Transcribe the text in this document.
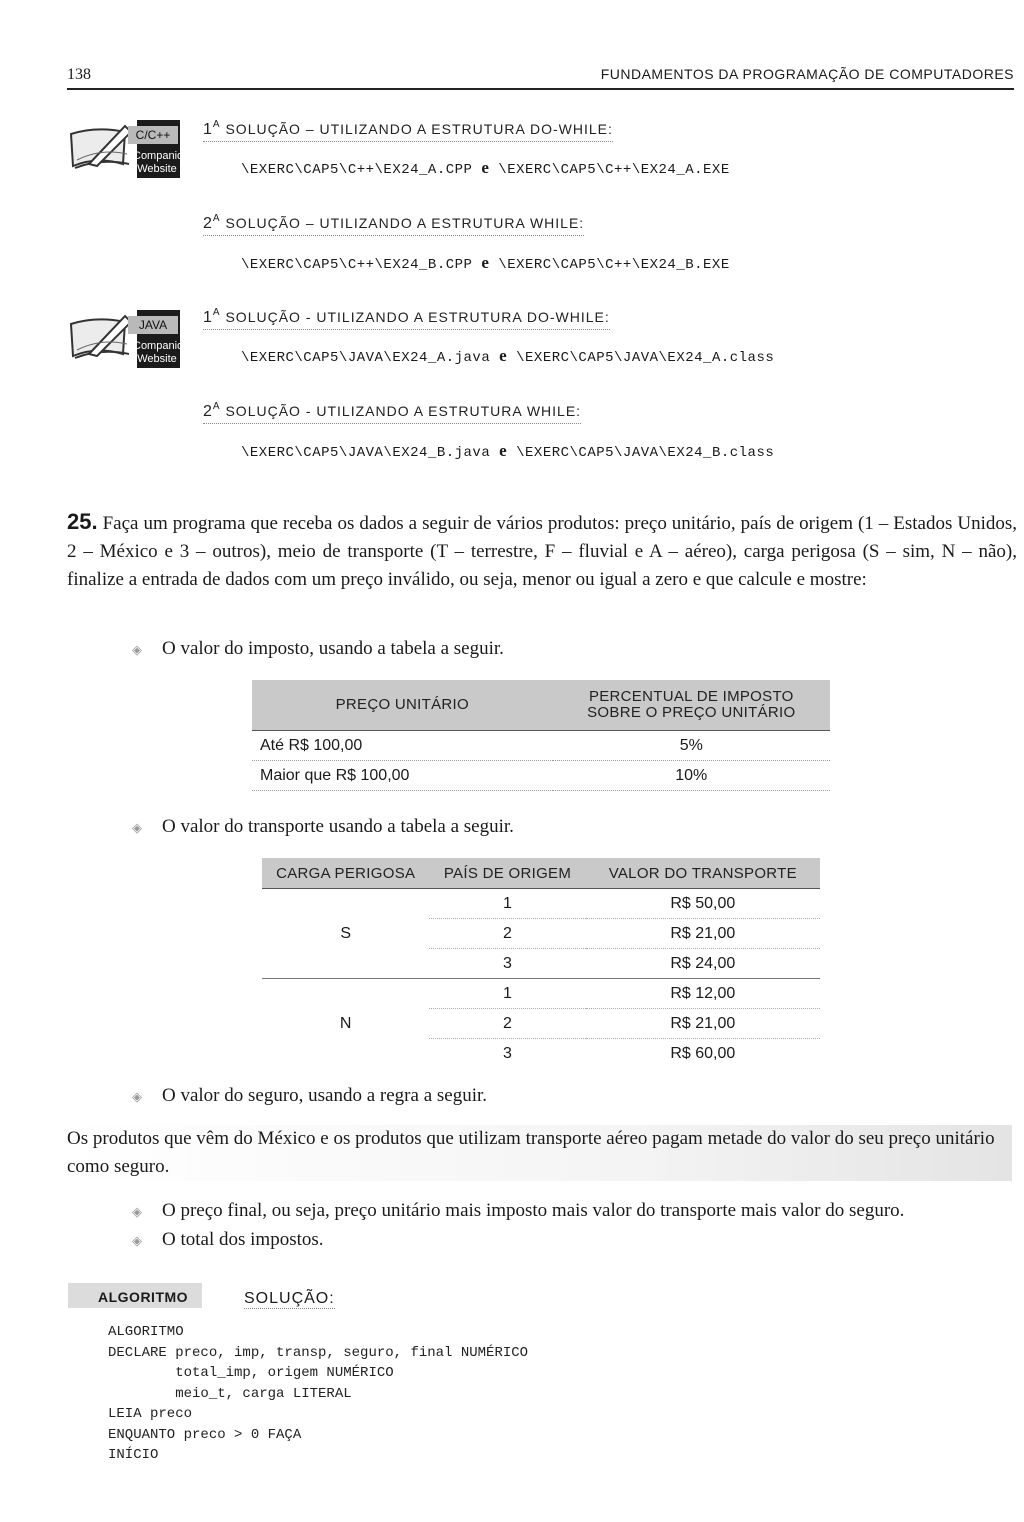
138	FUNDAMENTOS DA PROGRAMAÇÃO DE COMPUTADORES
C/C++
Companion
Website
$1^A$ SOLUÇÃO – UTILIZANDO A ESTRUTURA DO-WHILE:
\EXERC\CAP5\C++\EX24_A.CPP e \EXERC\CAP5\C++\EX24_A.EXE
$2^A$ SOLUÇÃO – UTILIZANDO A ESTRUTURA WHILE:
\EXERC\CAP5\C++\EX24_B.CPP e \EXERC\CAP5\C++\EX24_B.EXE
JAVA
Companion
Website
$1^A$ SOLUÇÃO - UTILIZANDO A ESTRUTURA DO-WHILE:
\EXERC\CAP5\JAVA\EX24_A.java e \EXERC\CAP5\JAVA\EX24_A.class
$2^A$ SOLUÇÃO - UTILIZANDO A ESTRUTURA WHILE:
\EXERC\CAP5\JAVA\EX24_B.java e \EXERC\CAP5\JAVA\EX24_B.class
25. Faça um programa que receba os dados a seguir de vários produtos: preço unitário, país de origem (1 – Estados Unidos, 2 – México e 3 – outros), meio de transporte (T – terrestre, F – fluvial e A – aéreo), carga perigosa (S – sim, N – não), finalize a entrada de dados com um preço inválido, ou seja, menor ou igual a zero e que calcule e mostre:
◈ O valor do imposto, usando a tabela a seguir.
PREÇO UNITÁRIO	PERCENTUAL DE IMPOSTO
SOBRE O PREÇO UNITÁRIO

Até R$ 100,00	5%
Maior que R$ 100,00	10%
◈ O valor do transporte usando a tabela a seguir.
CARGA PERIGOSA	PAÍS DE ORIGEM	VALOR DO TRANSPORTE
S	1	R$ 50,00
	2	R$ 21,00
	3	R$ 24,00
N	1	R$ 12,00
	2	R$ 21,00
	3	R$ 60,00
◈ O valor do seguro, usando a regra a seguir.
Os produtos que vêm do México e os produtos que utilizam transporte aéreo pagam metade do valor do seu preço unitário como seguro.
◈ O preço final, ou seja, preço unitário mais imposto mais valor do transporte mais valor do seguro.
◈ O total dos impostos.
ALGORITMO	SOLUÇÃO:
ALGORITMO
DECLARE preco, imp, transp, seguro, final NUMÉRICO
total_imp, origem NUMÉRICO
meio_t, carga LITERAL
LEIA preco
ENQUANTO preco > 0 FAÇA
INÍCIO
